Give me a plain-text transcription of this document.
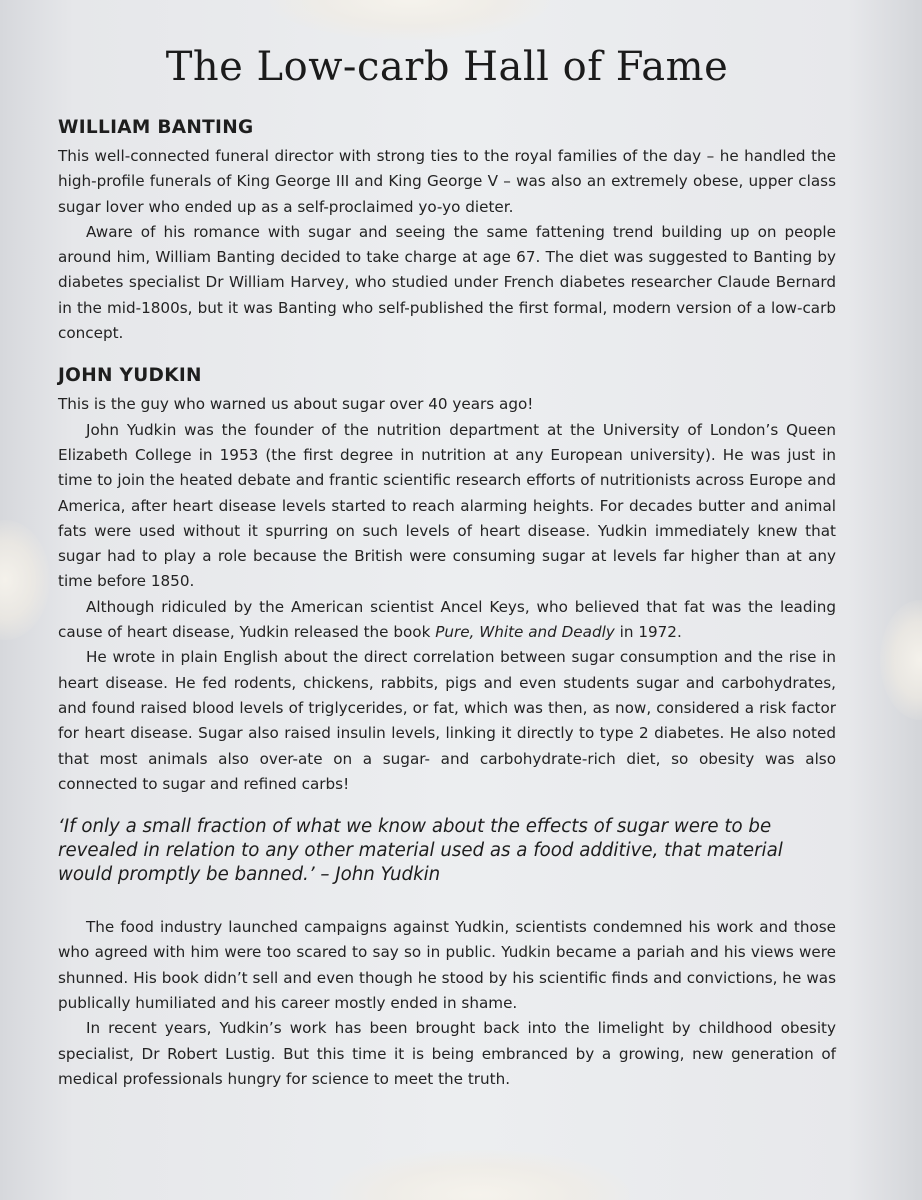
The Low-carb Hall of Fame
WILLIAM BANTING

This well-connected funeral director with strong ties to the royal families of the day – he handled the high-profile funerals of King George III and King George V – was also an extremely obese, upper class sugar lover who ended up as a self-proclaimed yo-yo dieter.

Aware of his romance with sugar and seeing the same fattening trend building up on people around him, William Banting decided to take charge at age 67. The diet was suggested to Banting by diabetes specialist Dr William Harvey, who studied under French diabetes researcher Claude Bernard in the mid-1800s, but it was Banting who self-published the first formal, modern version of a low-carb concept.

JOHN YUDKIN

This is the guy who warned us about sugar over 40 years ago!

John Yudkin was the founder of the nutrition department at the University of London’s Queen Elizabeth College in 1953 (the first degree in nutrition at any European university). He was just in time to join the heated debate and frantic scientific research efforts of nutritionists across Europe and America, after heart disease levels started to reach alarming heights. For decades butter and animal fats were used without it spurring on such levels of heart disease. Yudkin immediately knew that sugar had to play a role because the British were consuming sugar at levels far higher than at any time before 1850.

Although ridiculed by the American scientist Ancel Keys, who believed that fat was the leading cause of heart disease, Yudkin released the book Pure, White and Deadly in 1972.

He wrote in plain English about the direct correlation between sugar consumption and the rise in heart disease. He fed rodents, chickens, rabbits, pigs and even students sugar and carbohydrates, and found raised blood levels of triglycerides, or fat, which was then, as now, considered a risk factor for heart disease. Sugar also raised insulin levels, linking it directly to type 2 diabetes. He also noted that most animals also over-ate on a sugar- and carbohydrate-rich diet, so obesity was also connected to sugar and refined carbs!

‘If only a small fraction of what we know about the effects of sugar were to be revealed in relation to any other material used as a food additive, that material would promptly be banned.’ – John Yudkin

The food industry launched campaigns against Yudkin, scientists condemned his work and those who agreed with him were too scared to say so in public. Yudkin became a pariah and his views were shunned. His book didn’t sell and even though he stood by his scientific finds and convictions, he was publically humiliated and his career mostly ended in shame.

In recent years, Yudkin’s work has been brought back into the limelight by childhood obesity specialist, Dr Robert Lustig. But this time it is being embranced by a growing, new generation of medical professionals hungry for science to meet the truth.
